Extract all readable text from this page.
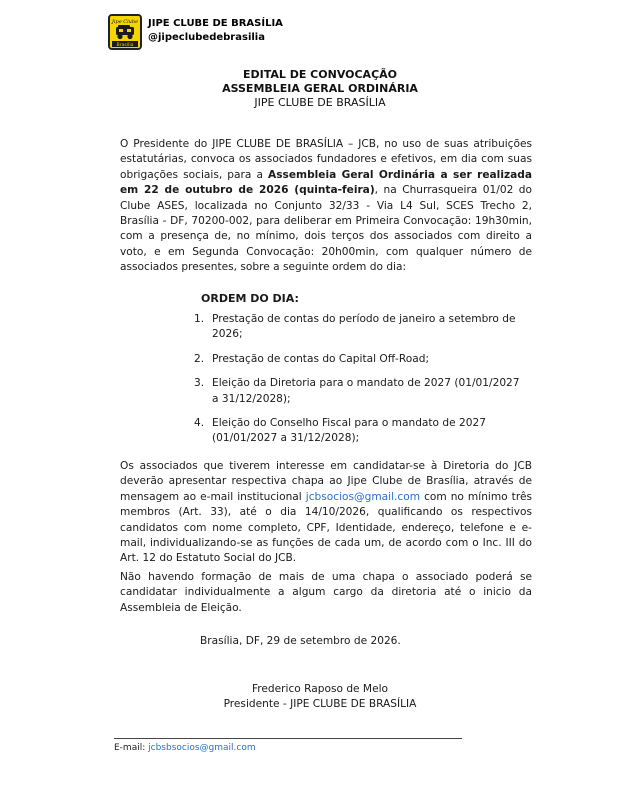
Jipe Clube
Brasília
JIPE CLUBE DE BRASÍLIA
@jipeclubedebrasilia
EDITAL DE CONVOCAÇÃO
ASSEMBLEIA GERAL ORDINÁRIA
JIPE CLUBE DE BRASÍLIA
O Presidente do JIPE CLUBE DE BRASÍLIA – JCB, no uso de suas atribuições estatutárias, convoca os associados fundadores e efetivos, em dia com suas obrigações sociais, para a Assembleia Geral Ordinária a ser realizada em 22 de outubro de 2026 (quinta-feira), na Churrasqueira 01/02 do Clube ASES, localizada no Conjunto 32/33 - Via L4 Sul, SCES Trecho 2, Brasília - DF, 70200-002, para deliberar em Primeira Convocação: 19h30min, com a presença de, no mínimo, dois terços dos associados com direito a voto, e em Segunda Convocação: 20h00min, com qualquer número de associados presentes, sobre a seguinte ordem do dia:
ORDEM DO DIA:
1. Prestação de contas do período de janeiro a setembro de 2026;
2. Prestação de contas do Capital Off-Road;
3. Eleição da Diretoria para o mandato de 2027 (01/01/2027 a 31/12/2028);
4. Eleição do Conselho Fiscal para o mandato de 2027 (01/01/2027 a 31/12/2028);
Os associados que tiverem interesse em candidatar-se à Diretoria do JCB deverão apresentar respectiva chapa ao Jipe Clube de Brasília, através de mensagem ao e-mail institucional jcbsocios@gmail.com com no mínimo três membros (Art. 33), até o dia 14/10/2026, qualificando os respectivos candidatos com nome completo, CPF, Identidade, endereço, telefone e e-mail, individualizando-se as funções de cada um, de acordo com o Inc. III do Art. 12 do Estatuto Social do JCB.
Não havendo formação de mais de uma chapa o associado poderá se candidatar individualmente a algum cargo da diretoria até o inicio da Assembleia de Eleição.
Brasília, DF, 29 de setembro de 2026.
Frederico Raposo de Melo
Presidente - JIPE CLUBE DE BRASÍLIA
E-mail: jcbsbsocios@gmail.com
